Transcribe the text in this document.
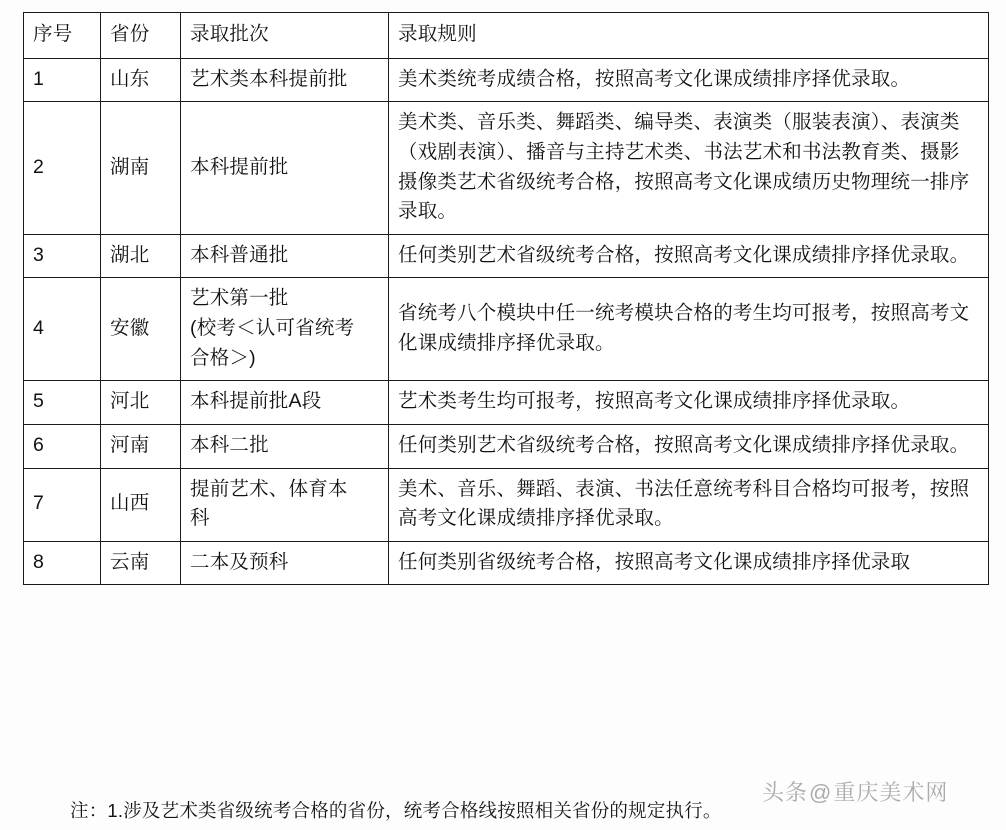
序号	省份	录取批次	录取规则
1	山东	艺术类本科提前批	美术类统考成绩合格，按照高考文化课成绩排序择优录取。
2	湖南	本科提前批	美术类、音乐类、舞蹈类、编导类、表演类（服装表演）、表演类（戏剧表演）、播音与主持艺术类、书法艺术和书法教育类、摄影摄像类艺术省级统考合格，按照高考文化课成绩历史物理统一排序录取。
3	湖北	本科普通批	任何类别艺术省级统考合格，按照高考文化课成绩排序择优录取。
4	安徽	艺术第一批
(校考＜认可省统考
合格＞)	省统考八个模块中任一统考模块合格的考生均可报考，按照高考文化课成绩排序择优录取。
5	河北	本科提前批A段	艺术类考生均可报考，按照高考文化课成绩排序择优录取。
6	河南	本科二批	任何类别艺术省级统考合格，按照高考文化课成绩排序择优录取。
7	山西	提前艺术、体育本
科	美术、音乐、舞蹈、表演、书法任意统考科目合格均可报考，按照高考文化课成绩排序择优录取。
8	云南	二本及预科	任何类别省级统考合格，按照高考文化课成绩排序择优录取
注：1.涉及艺术类省级统考合格的省份，统考合格线按照相关省份的规定执行。
头条@重庆美术网
